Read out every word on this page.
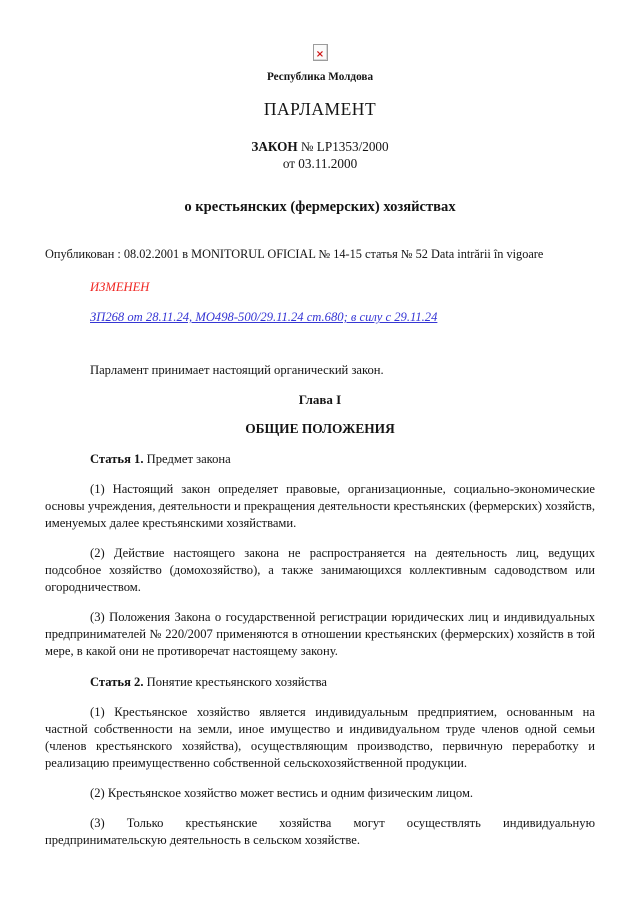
×
Республика Молдова
ПАРЛАМЕНТ
ЗАКОН № LP1353/2000
от 03.11.2000
о крестьянских (фермерских) хозяйствах

Опубликован : 08.02.2001 в MONITORUL OFICIAL № 14-15 статья № 52 Data intrării în vigoare

ИЗМЕНЕН

ЗП268 от 28.11.24, МО498-500/29.11.24 ст.680; в силу с 29.11.24

Парламент принимает настоящий органический закон.

Глава I
ОБЩИЕ ПОЛОЖЕНИЯ

Статья 1. Предмет закона

(1) Настоящий закон определяет правовые, организационные, социально-экономические основы учреждения, деятельности и прекращения деятельности крестьянских (фермерских) хозяйств, именуемых далее крестьянскими хозяйствами.

(2) Действие настоящего закона не распространяется на деятельность лиц, ведущих подсобное хозяйство (домохозяйство), а также занимающихся коллективным садоводством или огородничеством.

(3) Положения Закона о государственной регистрации юридических лиц и индивидуальных предпринимателей № 220/2007 применяются в отношении крестьянских (фермерских) хозяйств в той мере, в какой они не противоречат настоящему закону.

Статья 2. Понятие крестьянского хозяйства

(1) Крестьянское хозяйство является индивидуальным предприятием, основанным на частной собственности на земли, иное имущество и индивидуальном труде членов одной семьи (членов крестьянского хозяйства), осуществляющим производство, первичную переработку и реализацию преимущественно собственной сельскохозяйственной продукции.

(2) Крестьянское хозяйство может вестись и одним физическим лицом.

(3) Только крестьянские хозяйства могут осуществлять индивидуальную предпринимательскую деятельность в сельском хозяйстве.
